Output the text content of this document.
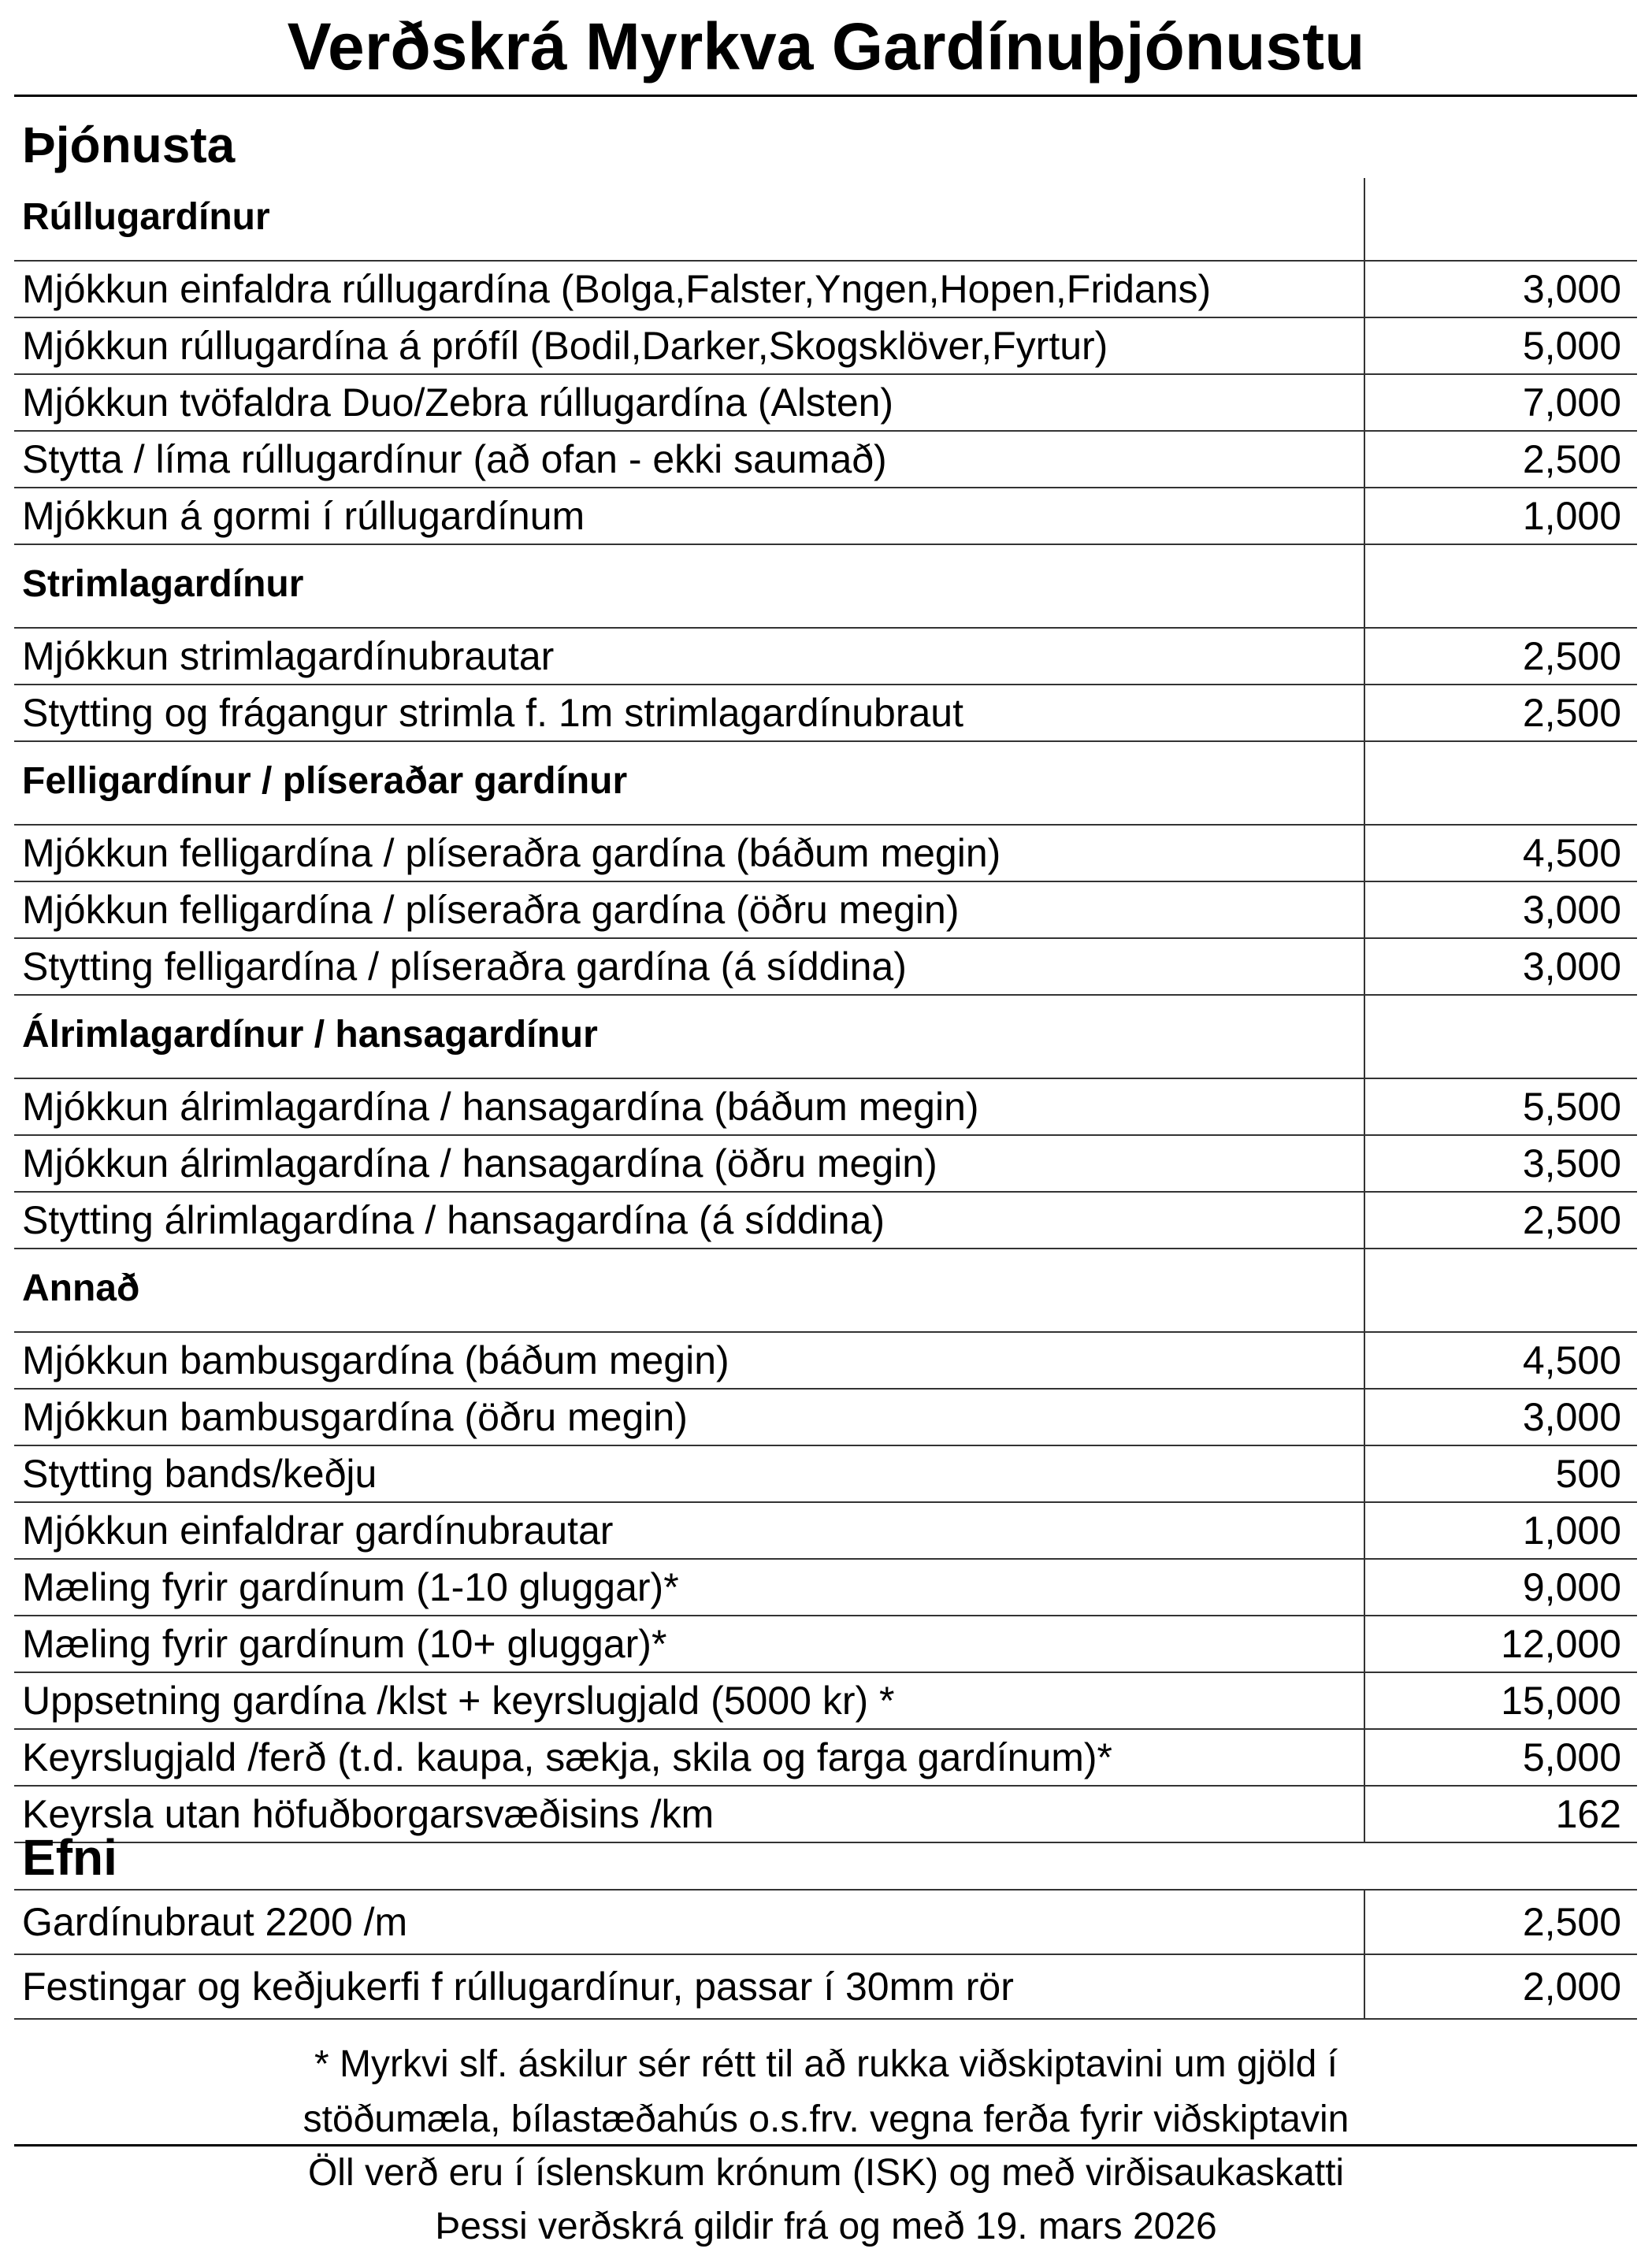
Verðskrá Myrkva Gardínuþjónustu
Þjónusta
Rúllugardínur
Mjókkun einfaldra rúllugardína (Bolga,Falster,Yngen,Hopen,Fridans)	3,000
Mjókkun rúllugardína á prófíl (Bodil,Darker,Skogsklöver,Fyrtur)	5,000
Mjókkun tvöfaldra Duo/Zebra rúllugardína (Alsten)	7,000
Stytta / líma rúllugardínur (að ofan - ekki saumað)	2,500
Mjókkun á gormi í rúllugardínum	1,000
Strimlagardínur
Mjókkun strimlagardínubrautar	2,500
Stytting og frágangur strimla f. 1m strimlagardínubraut	2,500
Felligardínur / plíseraðar gardínur
Mjókkun felligardína / plíseraðra gardína (báðum megin)	4,500
Mjókkun felligardína / plíseraðra gardína (öðru megin)	3,000
Stytting felligardína / plíseraðra gardína (á síddina)	3,000
Álrimlagardínur / hansagardínur
Mjókkun álrimlagardína / hansagardína (báðum megin)	5,500
Mjókkun álrimlagardína / hansagardína (öðru megin)	3,500
Stytting álrimlagardína / hansagardína (á síddina)	2,500
Annað
Mjókkun bambusgardína (báðum megin)	4,500
Mjókkun bambusgardína (öðru megin)	3,000
Stytting bands/keðju	500
Mjókkun einfaldrar gardínubrautar	1,000
Mæling fyrir gardínum (1-10 gluggar)*	9,000
Mæling fyrir gardínum (10+ gluggar)*	12,000
Uppsetning gardína /klst + keyrslugjald (5000 kr) *	15,000
Keyrslugjald /ferð (t.d. kaupa, sækja, skila og farga gardínum)*	5,000
Keyrsla utan höfuðborgarsvæðisins /km	162
Efni
Gardínubraut 2200 /m	2,500
Festingar og keðjukerfi f rúllugardínur, passar í 30mm rör	2,000
* Myrkvi slf. áskilur sér rétt til að rukka viðskiptavini um gjöld í
stöðumæla, bílastæðahús o.s.frv. vegna ferða fyrir viðskiptavin
Öll verð eru í íslenskum krónum (ISK) og með virðisaukaskatti
Þessi verðskrá gildir frá og með 19. mars 2026
